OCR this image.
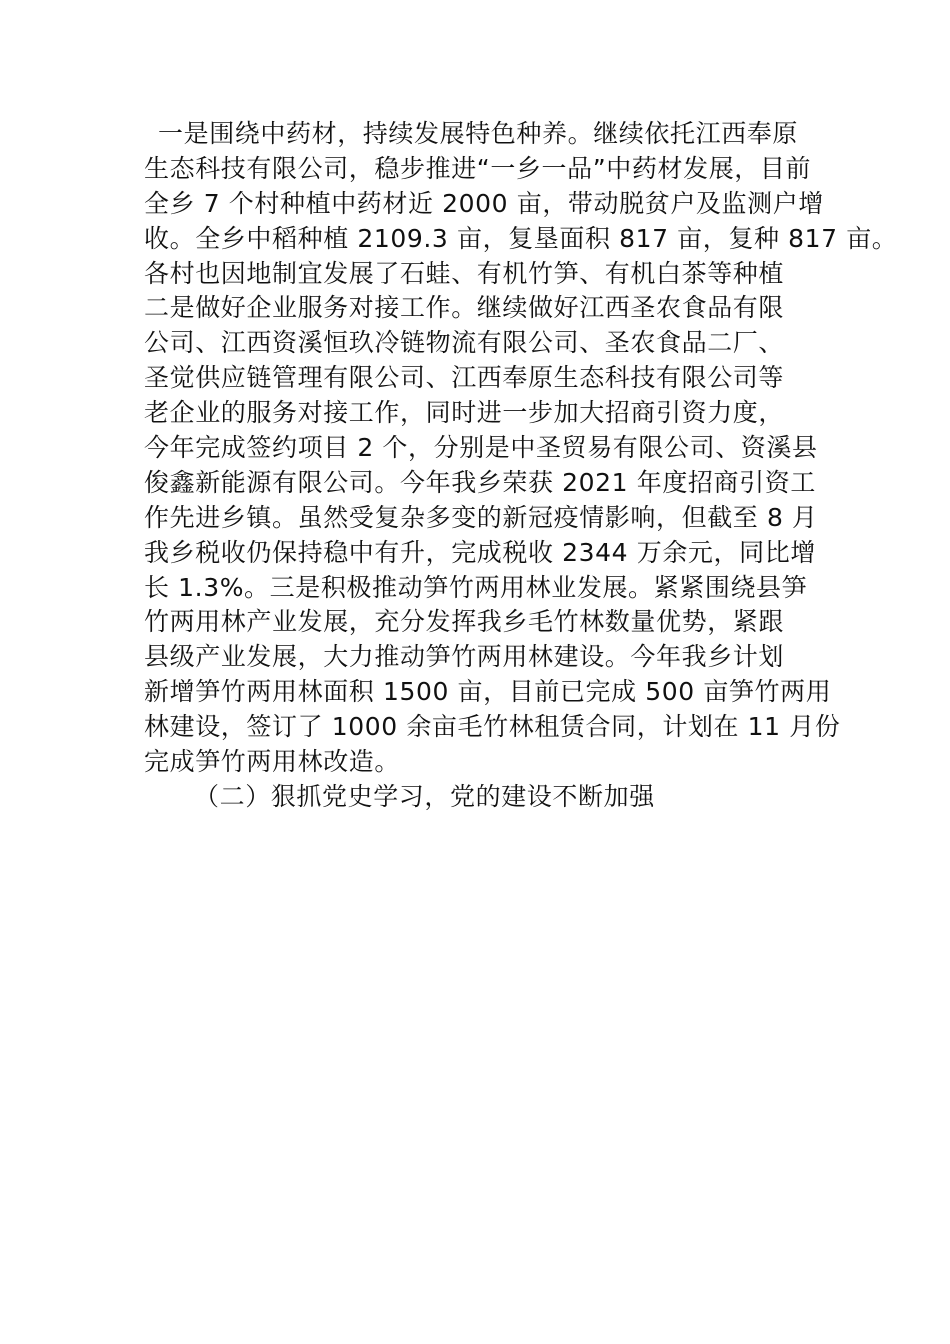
一是围绕中药材，持续发展特色种养。继续依托江西奉原
生态科技有限公司，稳步推进“一乡一品”中药材发展，目前
全乡 7 个村种植中药材近 2000 亩，带动脱贫户及监测户增
收。全乡中稻种植 2109.3 亩，复垦面积 817 亩，复种 817 亩。
各村也因地制宜发展了石蛙、有机竹笋、有机白茶等种植
二是做好企业服务对接工作。继续做好江西圣农食品有限
公司、江西资溪恒玖冷链物流有限公司、圣农食品二厂、
圣觉供应链管理有限公司、江西奉原生态科技有限公司等
老企业的服务对接工作，同时进一步加大招商引资力度，
今年完成签约项目 2 个，分别是中圣贸易有限公司、资溪县
俊鑫新能源有限公司。今年我乡荣获 2021 年度招商引资工
作先进乡镇。虽然受复杂多变的新冠疫情影响，但截至 8 月
我乡税收仍保持稳中有升，完成税收 2344 万余元，同比增
长 1.3%。三是积极推动笋竹两用林业发展。紧紧围绕县笋
竹两用林产业发展，充分发挥我乡毛竹林数量优势，紧跟
县级产业发展，大力推动笋竹两用林建设。今年我乡计划
新增笋竹两用林面积 1500 亩，目前已完成 500 亩笋竹两用
林建设，签订了 1000 余亩毛竹林租赁合同，计划在 11 月份
完成笋竹两用林改造。
（二）狠抓党史学习，党的建设不断加强
